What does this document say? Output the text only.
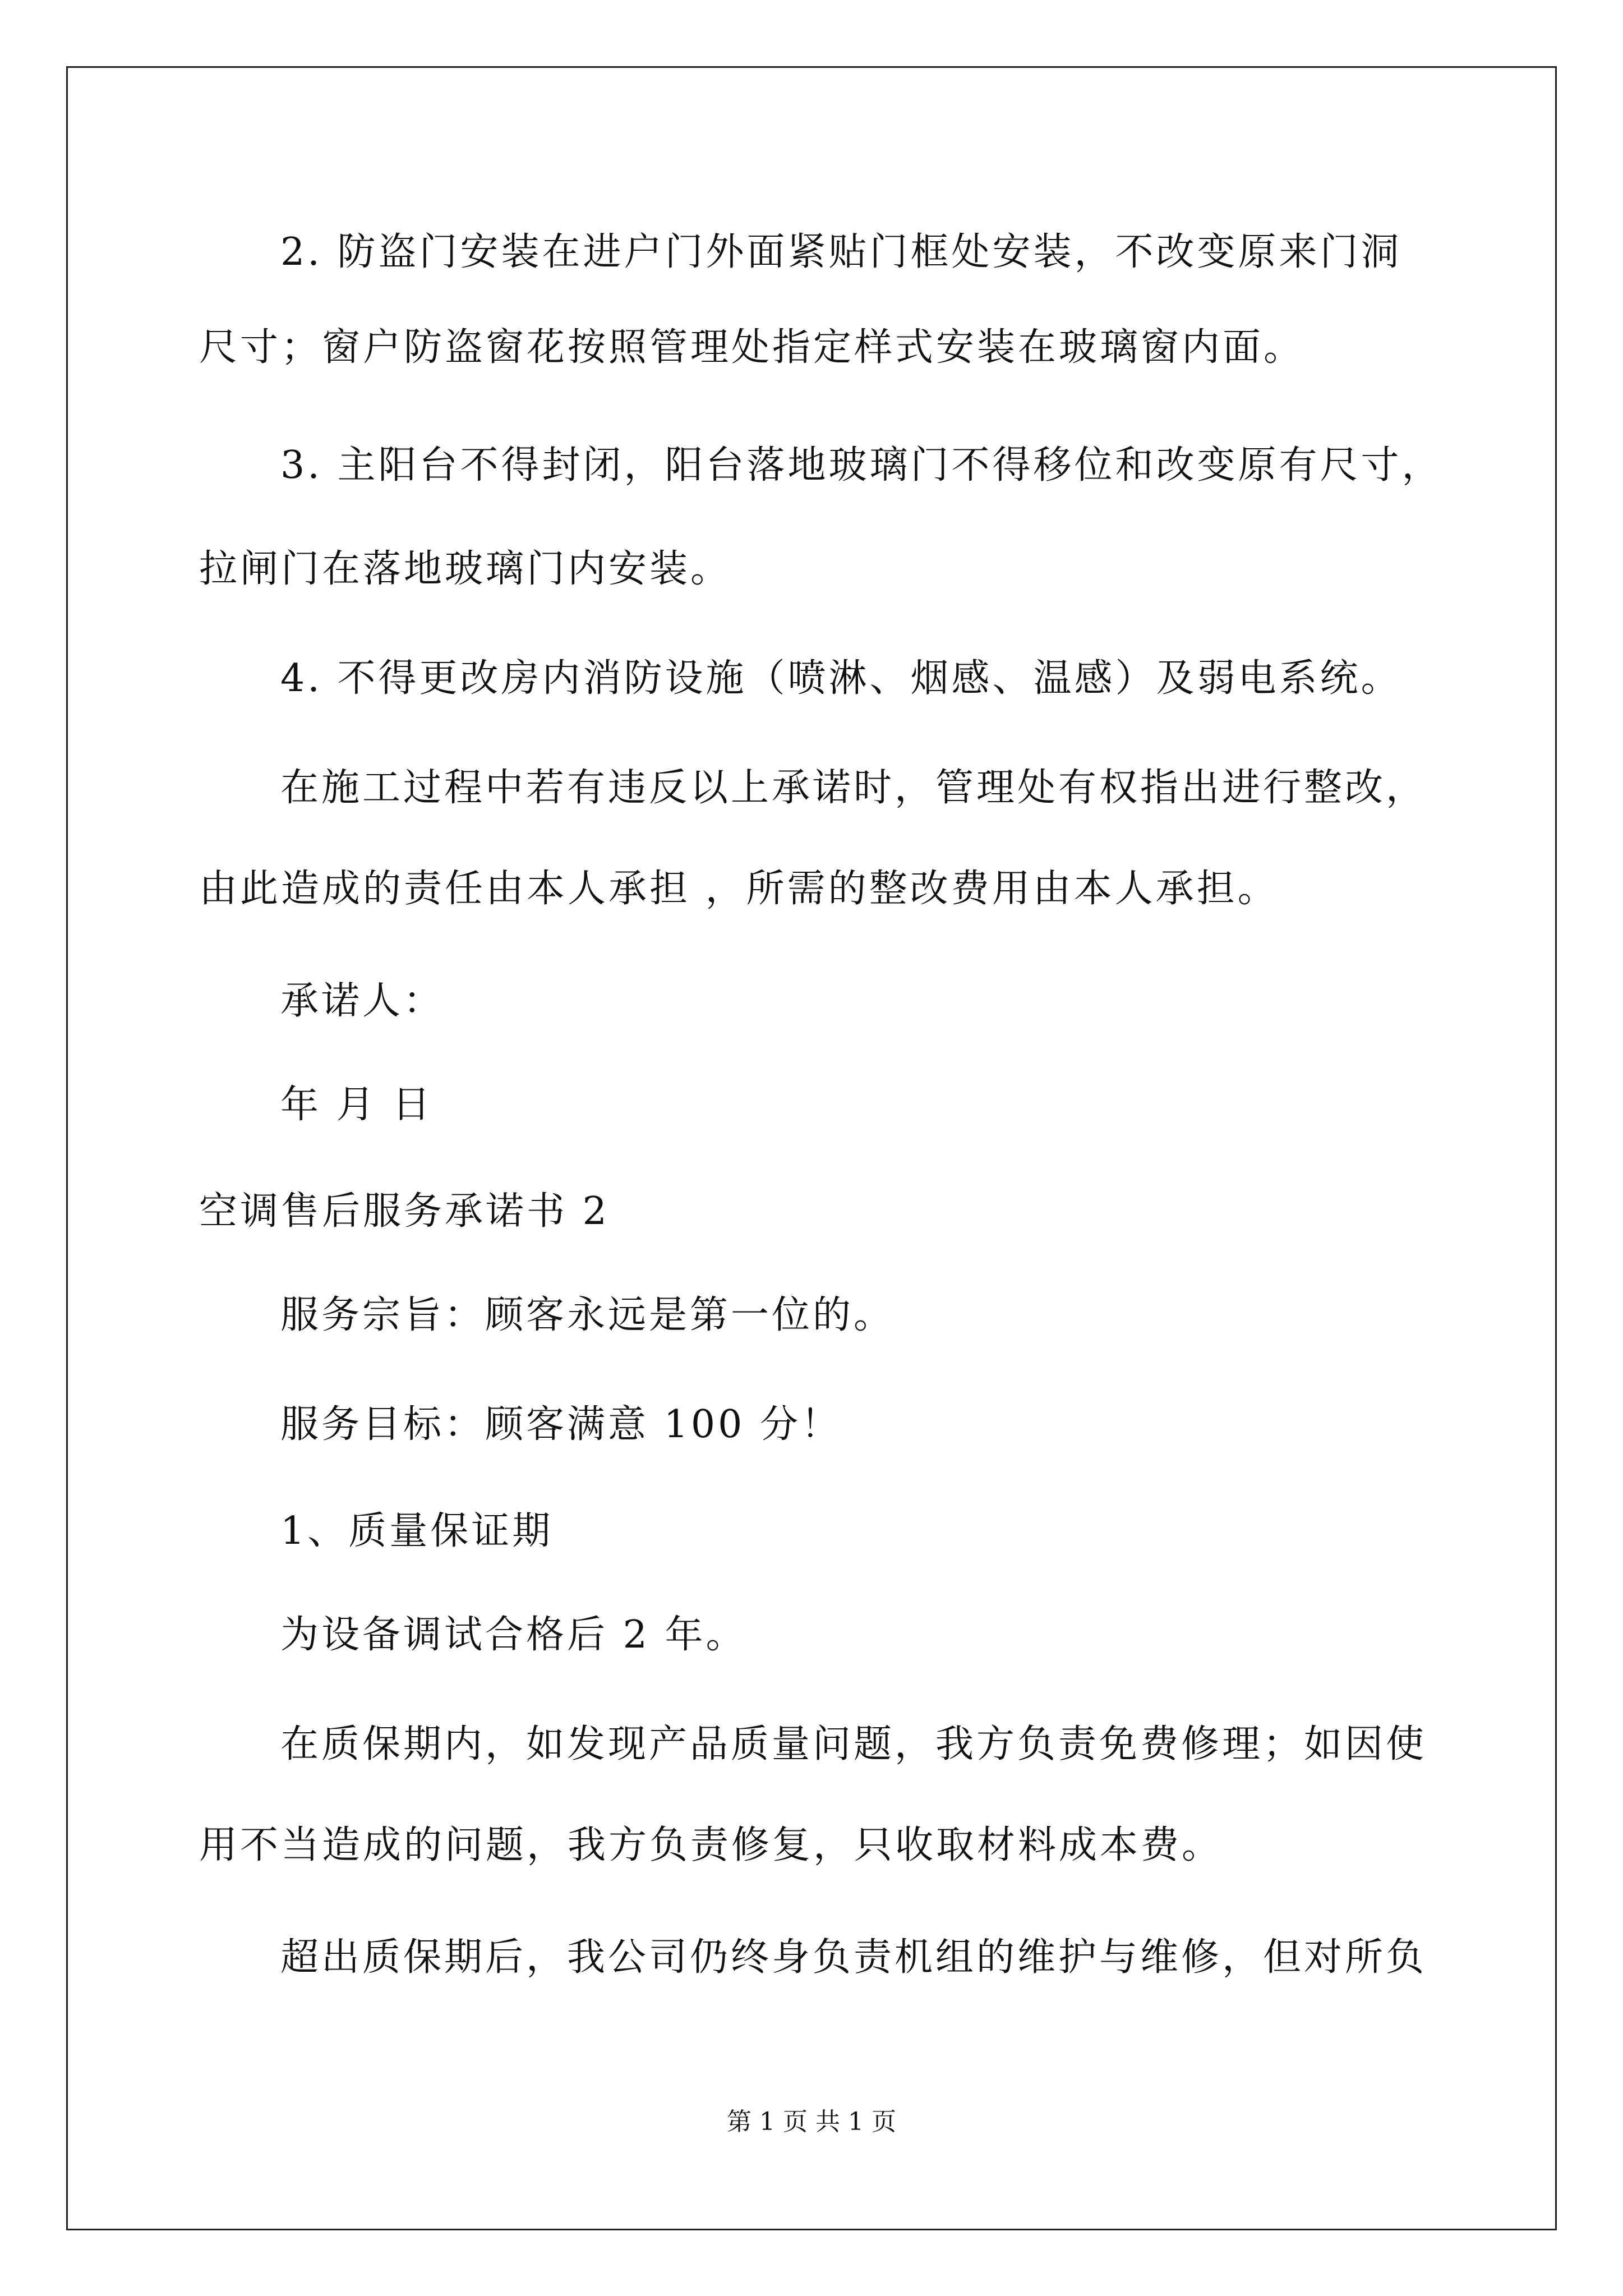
2. 防盗门安装在进户门外面紧贴门框处安装，不改变原来门洞
尺寸；窗户防盗窗花按照管理处指定样式安装在玻璃窗内面。
3. 主阳台不得封闭，阳台落地玻璃门不得移位和改变原有尺寸，
拉闸门在落地玻璃门内安装。
4. 不得更改房内消防设施（喷淋、烟感、温感）及弱电系统。
在施工过程中若有违反以上承诺时，管理处有权指出进行整改，
由此造成的责任由本人承担 ，所需的整改费用由本人承担。
承诺人：
年 月 日
空调售后服务承诺书 2
服务宗旨：顾客永远是第一位的。
服务目标：顾客满意 100 分！
1、质量保证期
为设备调试合格后 2 年。
在质保期内，如发现产品质量问题，我方负责免费修理；如因使
用不当造成的问题，我方负责修复，只收取材料成本费。
超出质保期后，我公司仍终身负责机组的维护与维修，但对所负
第 1 页 共 1 页
